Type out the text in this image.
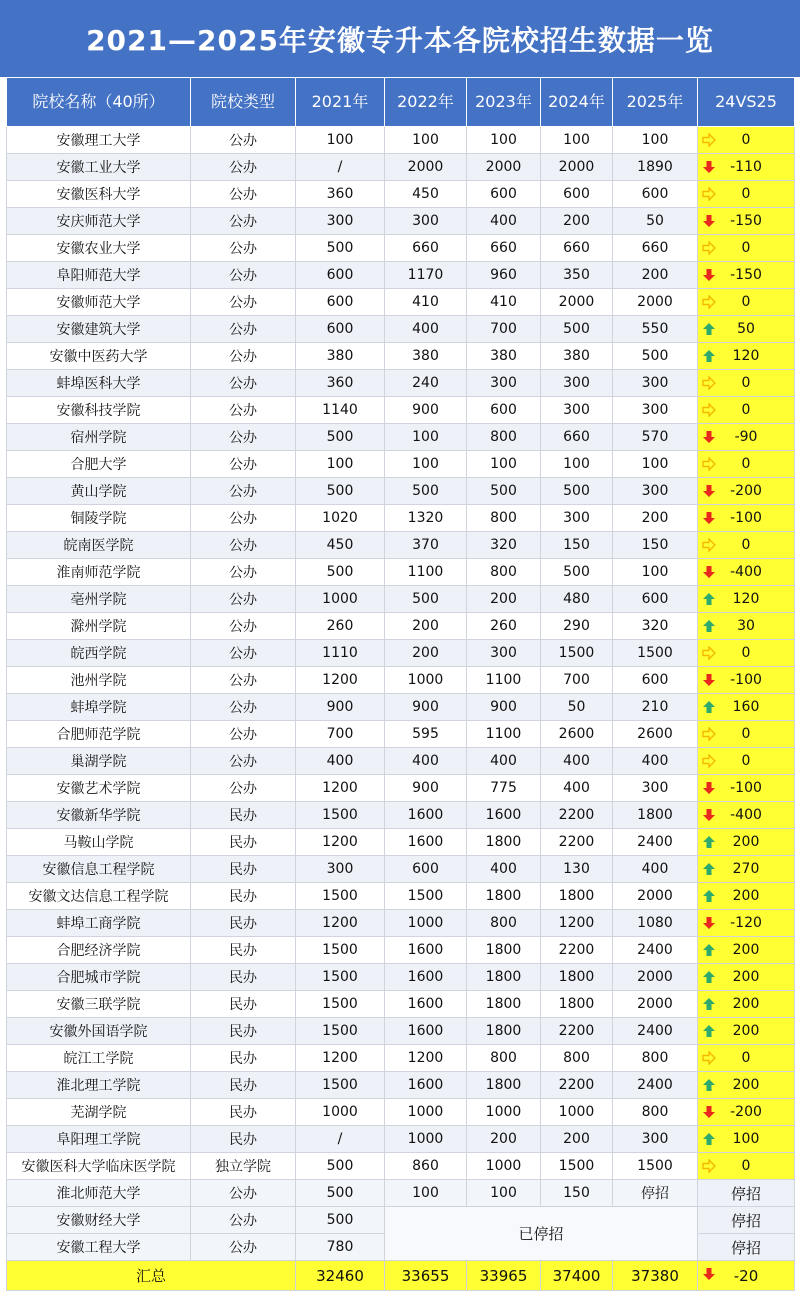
2021—2025年安徽专升本各院校招生数据一览
院校名称（40所）	院校类型	2021年	2022年	2023年	2024年	2025年	24VS25
安徽理工大学	公办	100	100	100	100	100	0
安徽工业大学	公办	/	2000	2000	2000	1890	-110
安徽医科大学	公办	360	450	600	600	600	0
安庆师范大学	公办	300	300	400	200	50	-150
安徽农业大学	公办	500	660	660	660	660	0
阜阳师范大学	公办	600	1170	960	350	200	-150
安徽师范大学	公办	600	410	410	2000	2000	0
安徽建筑大学	公办	600	400	700	500	550	50
安徽中医药大学	公办	380	380	380	380	500	120
蚌埠医科大学	公办	360	240	300	300	300	0
安徽科技学院	公办	1140	900	600	300	300	0
宿州学院	公办	500	100	800	660	570	-90
合肥大学	公办	100	100	100	100	100	0
黄山学院	公办	500	500	500	500	300	-200
铜陵学院	公办	1020	1320	800	300	200	-100
皖南医学院	公办	450	370	320	150	150	0
淮南师范学院	公办	500	1100	800	500	100	-400
亳州学院	公办	1000	500	200	480	600	120
滁州学院	公办	260	200	260	290	320	30
皖西学院	公办	1110	200	300	1500	1500	0
池州学院	公办	1200	1000	1100	700	600	-100
蚌埠学院	公办	900	900	900	50	210	160
合肥师范学院	公办	700	595	1100	2600	2600	0
巢湖学院	公办	400	400	400	400	400	0
安徽艺术学院	公办	1200	900	775	400	300	-100
安徽新华学院	民办	1500	1600	1600	2200	1800	-400
马鞍山学院	民办	1200	1600	1800	2200	2400	200
安徽信息工程学院	民办	300	600	400	130	400	270
安徽文达信息工程学院	民办	1500	1500	1800	1800	2000	200
蚌埠工商学院	民办	1200	1000	800	1200	1080	-120
合肥经济学院	民办	1500	1600	1800	2200	2400	200
合肥城市学院	民办	1500	1600	1800	1800	2000	200
安徽三联学院	民办	1500	1600	1800	1800	2000	200
安徽外国语学院	民办	1500	1600	1800	2200	2400	200
皖江工学院	民办	1200	1200	800	800	800	0
淮北理工学院	民办	1500	1600	1800	2200	2400	200
芜湖学院	民办	1000	1000	1000	1000	800	-200
阜阳理工学院	民办	/	1000	200	200	300	100
安徽医科大学临床医学院	独立学院	500	860	1000	1500	1500	0
淮北师范大学	公办	500	100	100	150	停招	停招
安徽财经大学	公办	500	已停招				停招
安徽工程大学	公办	780					停招
汇总		32460	33655	33965	37400	37380	-20
